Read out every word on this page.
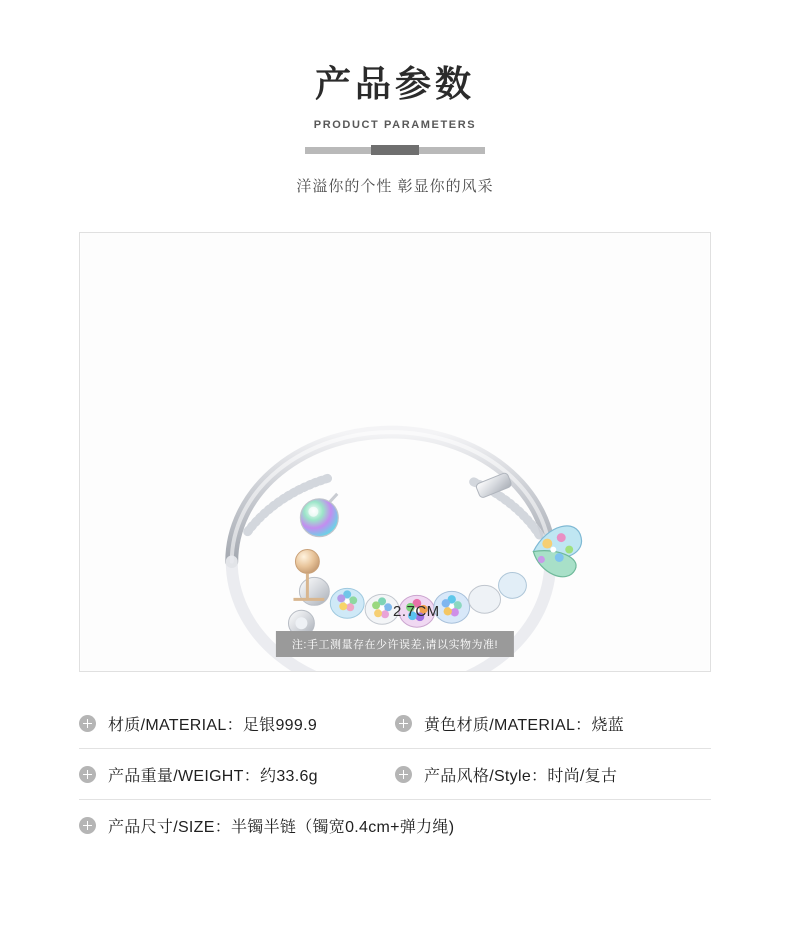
产品参数
PRODUCT PARAMETERS
洋溢你的个性 彰显你的风采
2.7CM
注:手工测量存在少许误差,请以实物为准!
材质/MATERIAL：足银999.9	黄色材质/MATERIAL：烧蓝
产品重量/WEIGHT：约33.6g	产品风格/Style：时尚/复古
产品尺寸/SIZE：半镯半链（镯宽0.4cm+弹力绳)
